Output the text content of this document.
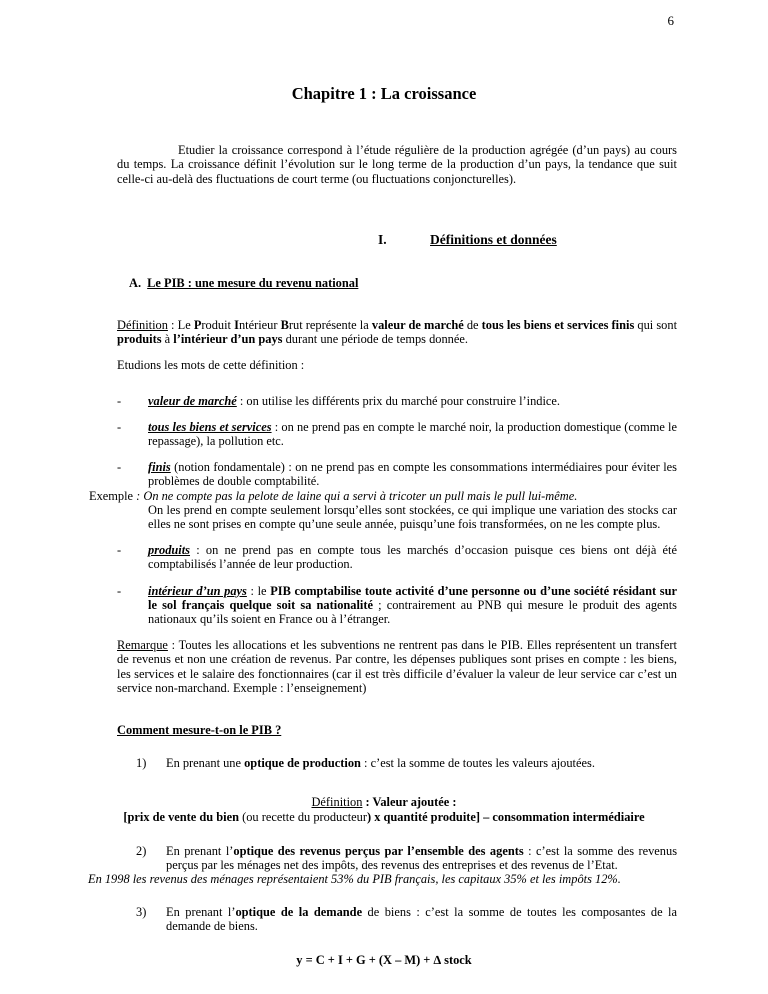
6
Chapitre 1 : La croissance
Etudier la croissance correspond à l’étude régulière de la production agrégée (d’un pays) au cours du temps. La croissance définit l’évolution sur le long terme de la production d’un pays, la tendance que suit celle-ci au-delà des fluctuations de court terme (ou fluctuations conjoncturelles).
I.	Définitions et données
A. Le PIB : une mesure du revenu national
Définition : Le Produit Intérieur Brut représente la valeur de marché de tous les biens et services finis qui sont produits à l’intérieur d’un pays durant une période de temps donnée.
Etudions les mots de cette définition :
- valeur de marché : on utilise les différents prix du marché pour construire l’indice.
- tous les biens et services : on ne prend pas en compte le marché noir, la production domestique (comme le repassage), la pollution etc.
- finis (notion fondamentale) : on ne prend pas en compte les consommations intermédiaires pour éviter les problèmes de double comptabilité.
Exemple : On ne compte pas la pelote de laine qui a servi à tricoter un pull mais le pull lui-même.
On les prend en compte seulement lorsqu’elles sont stockées, ce qui implique une variation des stocks car elles ne sont prises en compte qu’une seule année, puisqu’une fois transformées, on ne les compte plus.
- produits : on ne prend pas en compte tous les marchés d’occasion puisque ces biens ont déjà été comptabilisés l’année de leur production.
- intérieur d’un pays : le PIB comptabilise toute activité d’une personne ou d’une société résidant sur le sol français quelque soit sa nationalité ; contrairement au PNB qui mesure le produit des agents nationaux qu’ils soient en France ou à l’étranger.
Remarque : Toutes les allocations et les subventions ne rentrent pas dans le PIB. Elles représentent un transfert de revenus et non une création de revenus. Par contre, les dépenses publiques sont prises en compte : les biens, les services et le salaire des fonctionnaires (car il est très difficile d’évaluer la valeur de leur service car c’est un service non-marchand. Exemple : l’enseignement)
Comment mesure-t-on le PIB ?
1) En prenant une optique de production : c’est la somme de toutes les valeurs ajoutées.
Définition : Valeur ajoutée :
[prix de vente du bien (ou recette du producteur) x quantité produite] – consommation intermédiaire
2) En prenant l’optique des revenus perçus par l’ensemble des agents : c’est la somme des revenus perçus par les ménages net des impôts, des revenus des entreprises et des revenus de l’Etat.
En 1998 les revenus des ménages représentaient 53% du PIB français, les capitaux 35% et les impôts 12%.
3) En prenant l’optique de la demande de biens : c’est la somme de toutes les composantes de la demande de biens.
y = C + I + G + (X – M) + ∆ stock
